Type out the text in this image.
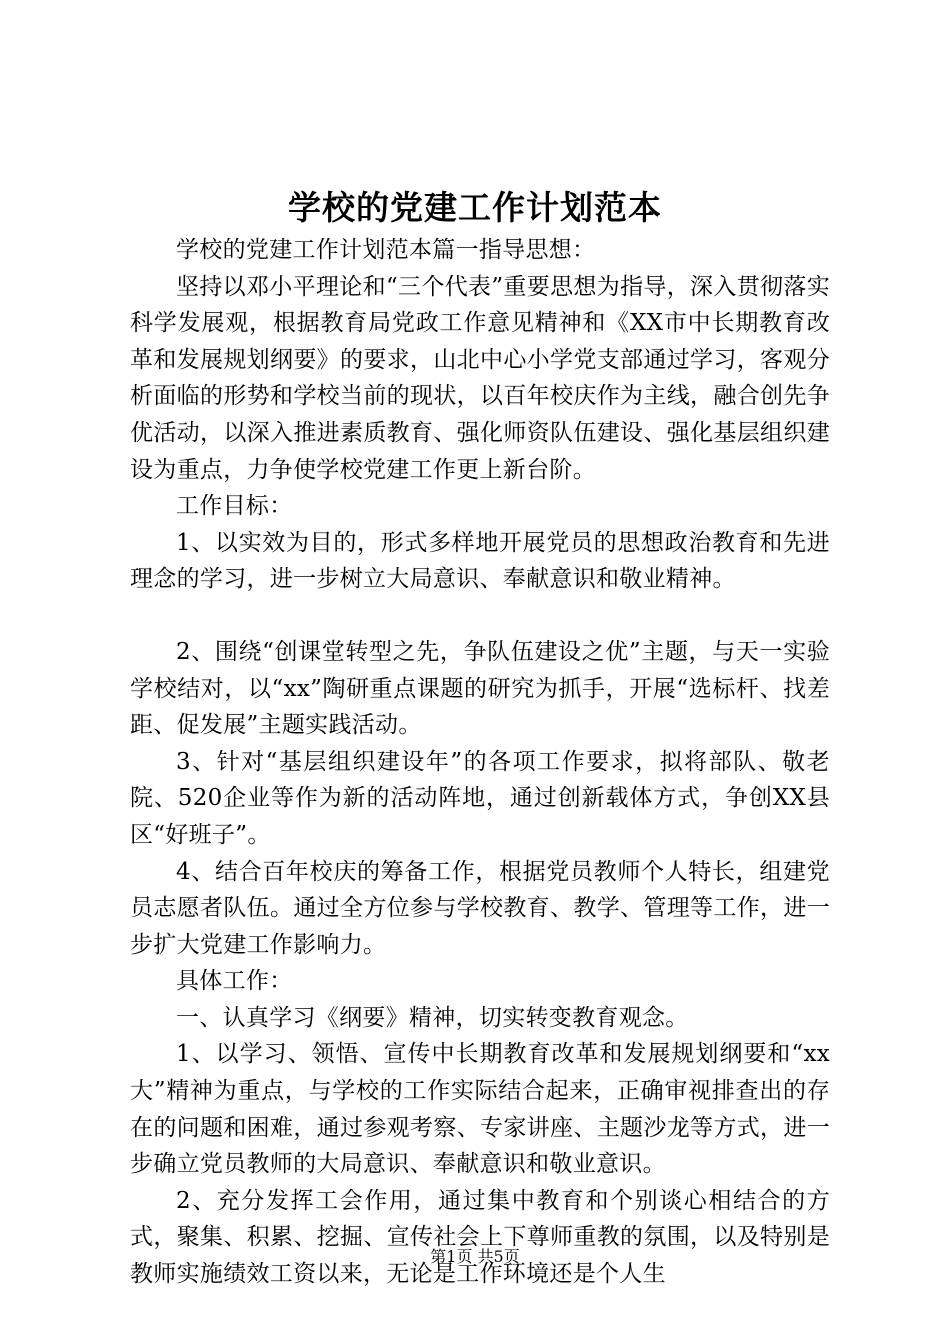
学校的党建工作计划范本

学校的党建工作计划范本篇一指导思想：

坚持以邓小平理论和“三个代表”重要思想为指导，深入贯彻落实科学发展观，根据教育局党政工作意见精神和《XX市中长期教育改革和发展规划纲要》的要求，山北中心小学党支部通过学习，客观分析面临的形势和学校当前的现状，以百年校庆作为主线，融合创先争优活动，以深入推进素质教育、强化师资队伍建设、强化基层组织建设为重点，力争使学校党建工作更上新台阶。

工作目标：

1、以实效为目的，形式多样地开展党员的思想政治教育和先进理念的学习，进一步树立大局意识、奉献意识和敬业精神。

2、围绕“创课堂转型之先，争队伍建设之优”主题，与天一实验学校结对，以“xx”陶研重点课题的研究为抓手，开展“选标杆、找差距、促发展”主题实践活动。

3、针对“基层组织建设年”的各项工作要求，拟将部队、敬老院、520企业等作为新的活动阵地，通过创新载体方式，争创XX县区“好班子”。

4、结合百年校庆的筹备工作，根据党员教师个人特长，组建党员志愿者队伍。通过全方位参与学校教育、教学、管理等工作，进一步扩大党建工作影响力。

具体工作：

一、认真学习《纲要》精神，切实转变教育观念。

1、以学习、领悟、宣传中长期教育改革和发展规划纲要和“xx大”精神为重点，与学校的工作实际结合起来，正确审视排查出的存在的问题和困难，通过参观考察、专家讲座、主题沙龙等方式，进一步确立党员教师的大局意识、奉献意识和敬业意识。

2、充分发挥工会作用，通过集中教育和个别谈心相结合的方式，聚集、积累、挖掘、宣传社会上下尊师重教的氛围，以及特别是教师实施绩效工资以来，无论是工作环境还是个人生

第1页 共5页
